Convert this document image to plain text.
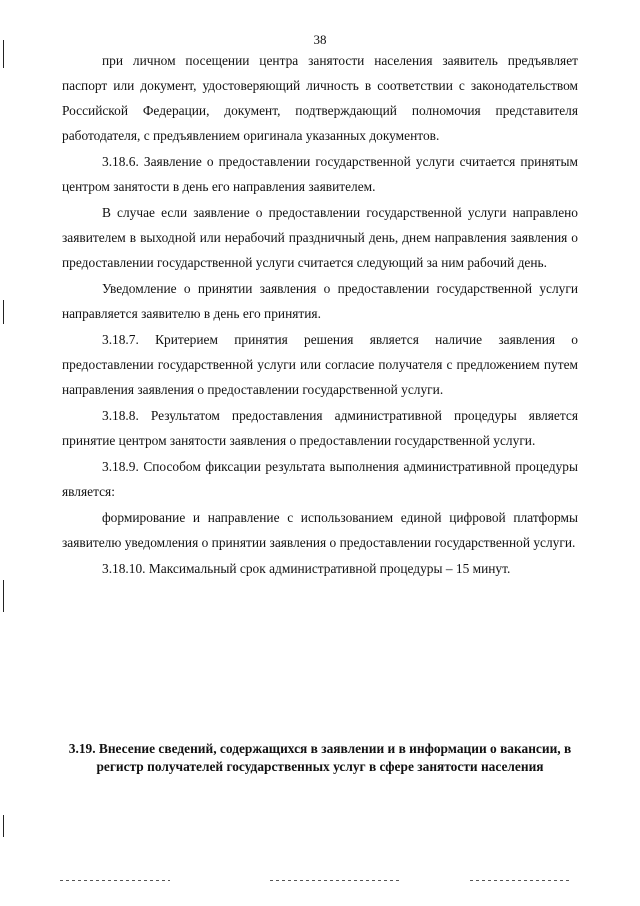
38

при личном посещении центра занятости населения заявитель предъявляет паспорт или документ, удостоверяющий личность в соответствии с законодательством Российской Федерации, документ, подтверждающий полномочия представителя работодателя, с предъявлением оригинала указанных документов.

3.18.6. Заявление о предоставлении государственной услуги считается принятым центром занятости в день его направления заявителем.

В случае если заявление о предоставлении государственной услуги направлено заявителем в выходной или нерабочий праздничный день, днем направления заявления о предоставлении государственной услуги считается следующий за ним рабочий день.

Уведомление о принятии заявления о предоставлении государственной услуги направляется заявителю в день его принятия.

3.18.7. Критерием принятия решения является наличие заявления о предоставлении государственной услуги или согласие получателя с предложением путем направления заявления о предоставлении государственной услуги.

3.18.8. Результатом предоставления административной процедуры является принятие центром занятости заявления о предоставлении государственной услуги.

3.18.9. Способом фиксации результата выполнения административной процедуры является:

формирование и направление с использованием единой цифровой платформы заявителю уведомления о принятии заявления о предоставлении государственной услуги.

3.18.10. Максимальный срок административной процедуры – 15 минут.

3.19. Внесение сведений, содержащихся в заявлении и в информации о вакансии, в регистр получателей государственных услуг в сфере занятости населения
